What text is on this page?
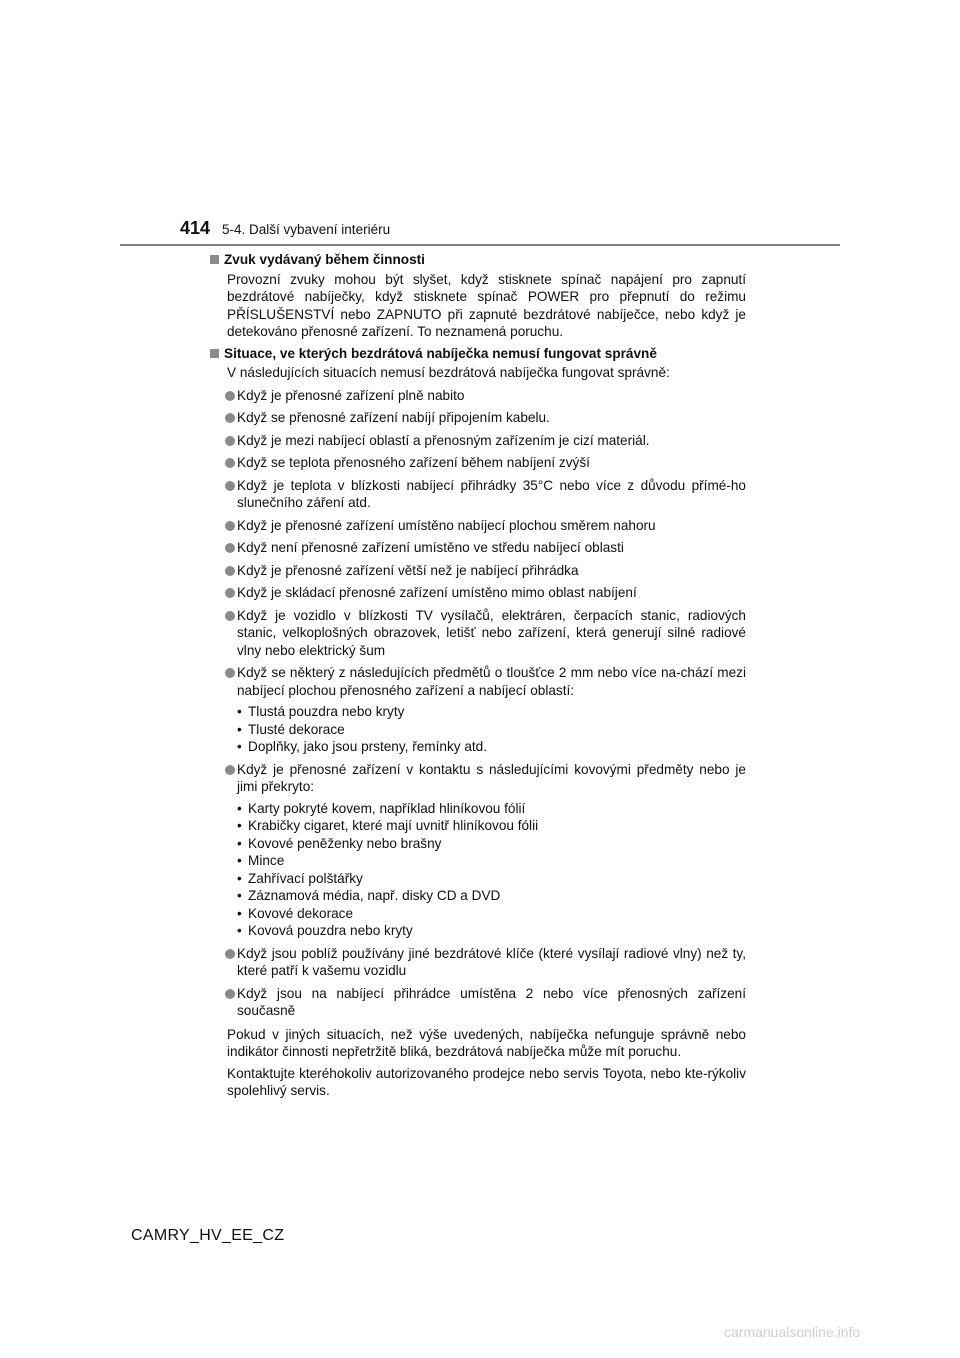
414 5-4. Další vybavení interiéru
Zvuk vydávaný během činnosti
Provozní zvuky mohou být slyšet, když stisknete spínač napájení pro zapnutí bezdrátové nabíječky, když stisknete spínač POWER pro přepnutí do režimu PŘÍSLUŠENSTVÍ nebo ZAPNUTO při zapnuté bezdrátové nabíječce, nebo když je detekováno přenosné zařízení. To neznamená poruchu.
Situace, ve kterých bezdrátová nabíječka nemusí fungovat správně
V následujících situacích nemusí bezdrátová nabíječka fungovat správně:
Když je přenosné zařízení plně nabito
Když se přenosné zařízení nabíjí připojením kabelu.
Když je mezi nabíjecí oblastí a přenosným zařízením je cizí materiál.
Když se teplota přenosného zařízení během nabíjení zvýší
Když je teplota v blízkosti nabíjecí přihrádky 35°C nebo více z důvodu přímé-ho slunečního záření atd.
Když je přenosné zařízení umístěno nabíjecí plochou směrem nahoru
Když není přenosné zařízení umístěno ve středu nabíjecí oblasti
Když je přenosné zařízení větší než je nabíjecí přihrádka
Když je skládací přenosné zařízení umístěno mimo oblast nabíjení
Když je vozidlo v blízkosti TV vysílačů, elektráren, čerpacích stanic, radiových stanic, velkoplošných obrazovek, letišť nebo zařízení, která generují silné radiové vlny nebo elektrický šum
Když se některý z následujících předmětů o tloušťce 2 mm nebo více na-chází mezi nabíjecí plochou přenosného zařízení a nabíjecí oblastí:
• Tlustá pouzdra nebo kryty
• Tlusté dekorace
• Doplňky, jako jsou prsteny, řemínky atd.
Když je přenosné zařízení v kontaktu s následujícími kovovými předměty nebo je jimi překryto:
• Karty pokryté kovem, například hliníkovou fólií
• Krabičky cigaret, které mají uvnitř hliníkovou fólii
• Kovové peněženky nebo brašny
• Mince
• Zahřívací polštářky
• Záznamová média, např. disky CD a DVD
• Kovové dekorace
• Kovová pouzdra nebo kryty
Když jsou poblíž používány jiné bezdrátové klíče (které vysílají radiové vlny) než ty, které patří k vašemu vozidlu
Když jsou na nabíjecí přihrádce umístěna 2 nebo více přenosných zařízení současně
Pokud v jiných situacích, než výše uvedených, nabíječka nefunguje správně nebo indikátor činnosti nepřetržitě bliká, bezdrátová nabíječka může mít poruchu.
Kontaktujte kteréhokoliv autorizovaného prodejce nebo servis Toyota, nebo kte-rýkoliv spolehlivý servis.
CAMRY_HV_EE_CZ
carmanualsonline.info
